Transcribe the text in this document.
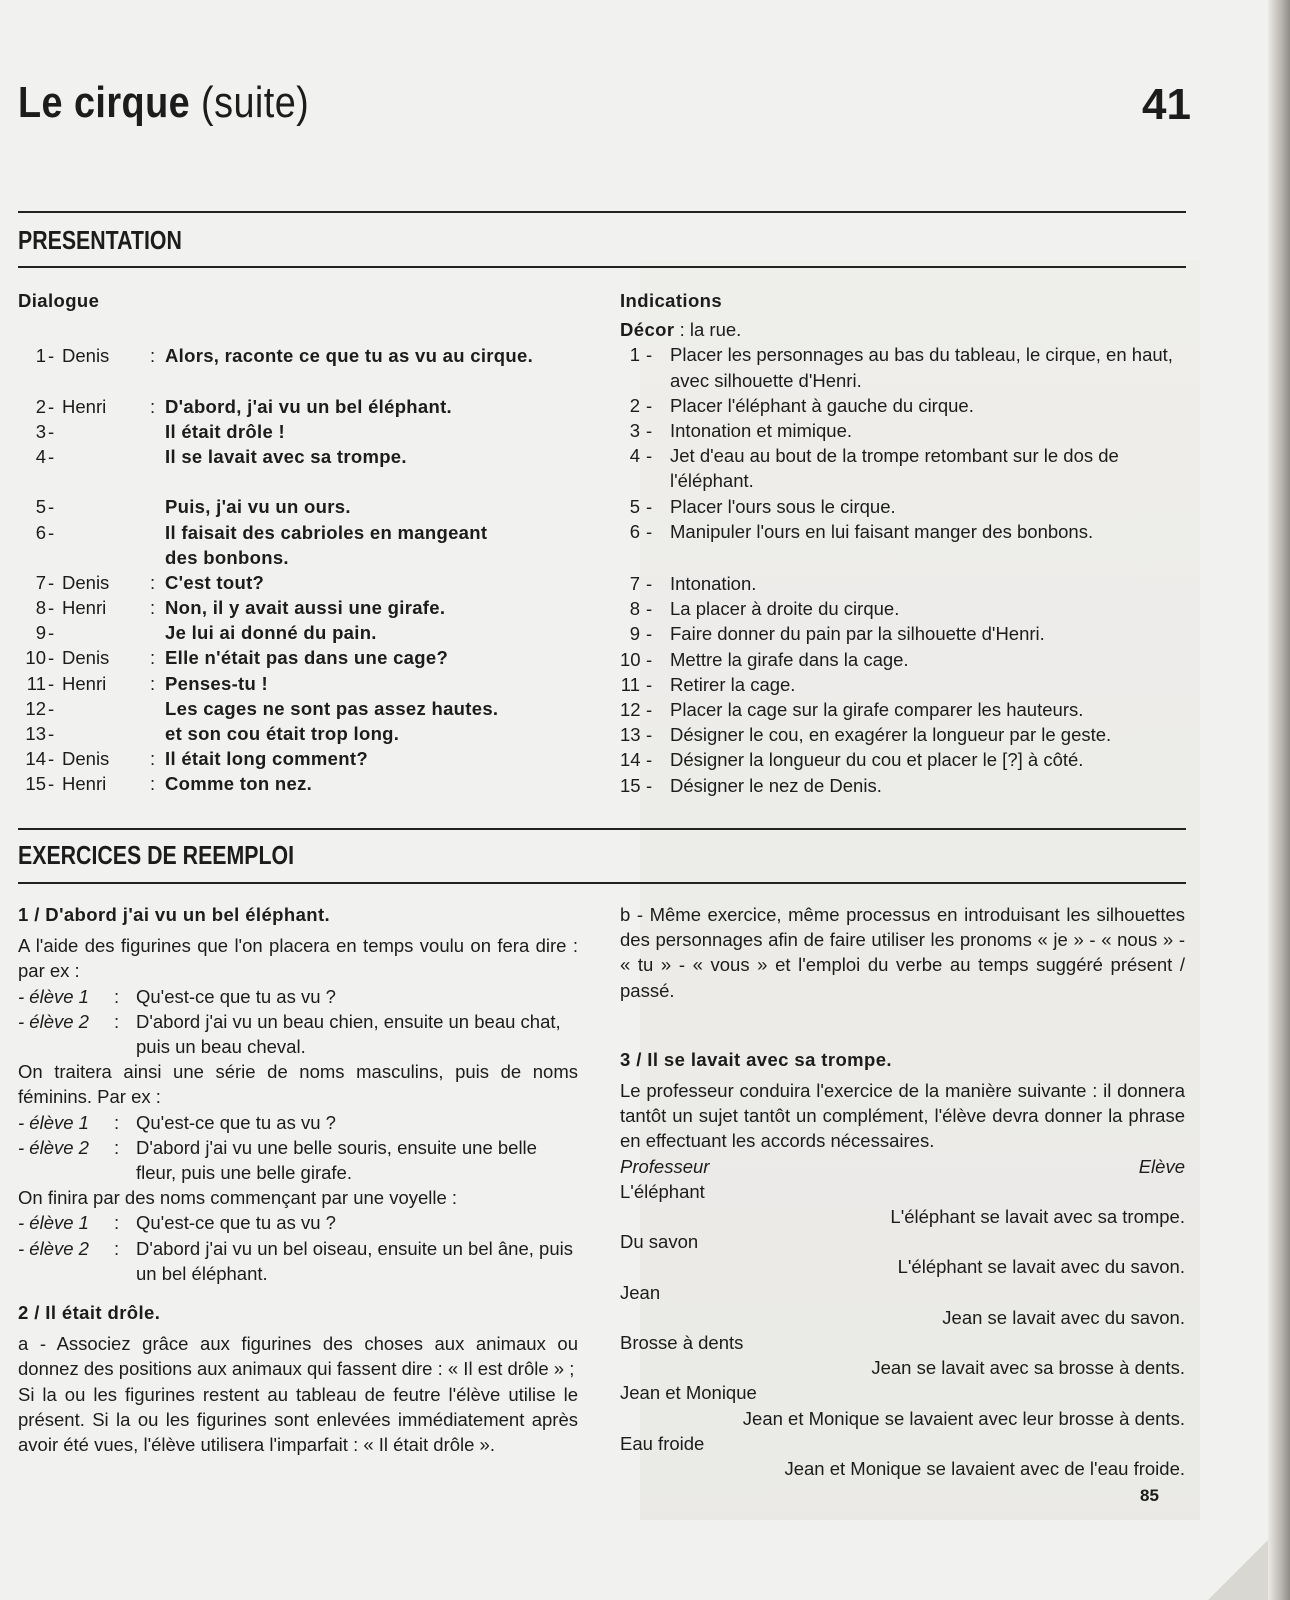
Le cirque (suite)	41
PRESENTATION
Dialogue
1 - Denis : Alors, raconte ce que tu as vu au cirque.
2 - Henri : D'abord, j'ai vu un bel éléphant.
3 -	Il était drôle !
4 -	Il se lavait avec sa trompe.
5 -	Puis, j'ai vu un ours.
6 -	Il faisait des cabrioles en mangeant
des bonbons.
7 - Denis : C'est tout?
8 - Henri : Non, il y avait aussi une girafe.
9 -	Je lui ai donné du pain.
10 - Denis : Elle n'était pas dans une cage?
11 - Henri : Penses-tu !
12 -	Les cages ne sont pas assez hautes.
13 -	et son cou était trop long.
14 - Denis : Il était long comment?
15 - Henri : Comme ton nez.
Indications
Décor : la rue.
1 - Placer les personnages au bas du tableau, le cirque, en haut, avec silhouette d'Henri.
2 - Placer l'éléphant à gauche du cirque.
3 - Intonation et mimique.
4 - Jet d'eau au bout de la trompe retombant sur le dos de l'éléphant.
5 - Placer l'ours sous le cirque.
6 - Manipuler l'ours en lui faisant manger des bonbons.
7 - Intonation.
8 - La placer à droite du cirque.
9 - Faire donner du pain par la silhouette d'Henri.
10 - Mettre la girafe dans la cage.
11 - Retirer la cage.
12 - Placer la cage sur la girafe comparer les hauteurs.
13 - Désigner le cou, en exagérer la longueur par le geste.
14 - Désigner la longueur du cou et placer le [?] à côté.
15 - Désigner le nez de Denis.
EXERCICES DE REEMPLOI
1 / D'abord j'ai vu un bel éléphant.
A l'aide des figurines que l'on placera en temps voulu on fera dire : par ex :
- élève 1 : Qu'est-ce que tu as vu ?
- élève 2 : D'abord j'ai vu un beau chien, ensuite un beau chat, puis un beau cheval.
On traitera ainsi une série de noms masculins, puis de noms féminins. Par ex :
- élève 1 : Qu'est-ce que tu as vu ?
- élève 2 : D'abord j'ai vu une belle souris, ensuite une belle fleur, puis une belle girafe.
On finira par des noms commençant par une voyelle :
- élève 1 : Qu'est-ce que tu as vu ?
- élève 2 : D'abord j'ai vu un bel oiseau, ensuite un bel âne, puis un bel éléphant.
2 / Il était drôle.
a - Associez grâce aux figurines des choses aux animaux ou donnez des positions aux animaux qui fassent dire : « Il est drôle » ;
Si la ou les figurines restent au tableau de feutre l'élève utilise le présent. Si la ou les figurines sont enlevées immédiatement après avoir été vues, l'élève utilisera l'imparfait : « Il était drôle ».
b - Même exercice, même processus en introduisant les silhouettes des personnages afin de faire utiliser les pronoms « je » - « nous » - « tu » - « vous » et l'emploi du verbe au temps suggéré présent / passé.
3 / Il se lavait avec sa trompe.
Le professeur conduira l'exercice de la manière suivante : il donnera tantôt un sujet tantôt un complément, l'élève devra donner la phrase en effectuant les accords nécessaires.
Professeur	Elève
L'éléphant
L'éléphant se lavait avec sa trompe.
Du savon
L'éléphant se lavait avec du savon.
Jean
Jean se lavait avec du savon.
Brosse à dents
Jean se lavait avec sa brosse à dents.
Jean et Monique
Jean et Monique se lavaient avec leur brosse à dents.
Eau froide
Jean et Monique se lavaient avec de l'eau froide.
85
